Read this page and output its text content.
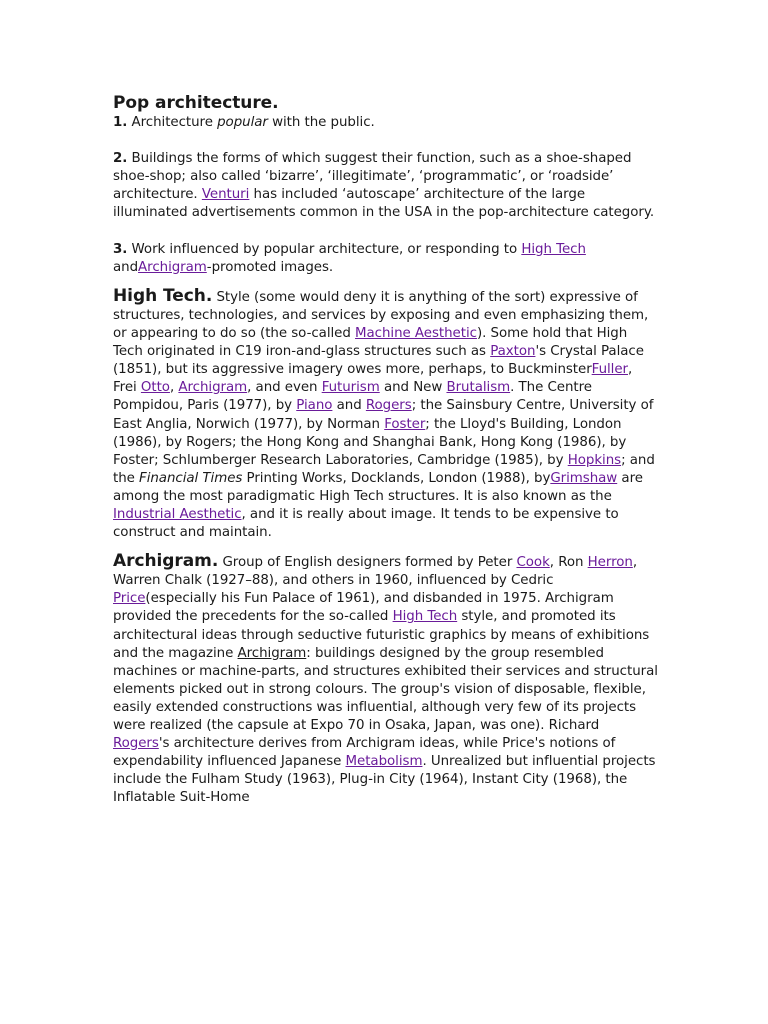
Pop architecture.

1. Architecture popular with the public.

2. Buildings the forms of which suggest their function, such as a shoe-shaped shoe-shop; also called ‘bizarre’, ‘illegitimate’, ‘programmatic’, or ‘roadside’ architecture. Venturi has included ‘autoscape’ architecture of the large illuminated advertisements common in the USA in the pop-architecture category.

3. Work influenced by popular architecture, or responding to High Tech andArchigram-promoted images.

High Tech. Style (some would deny it is anything of the sort) expressive of structures, technologies, and services by exposing and even emphasizing them, or appearing to do so (the so-called Machine Aesthetic). Some hold that High Tech originated in C19 iron-and-glass structures such as Paxton's Crystal Palace (1851), but its aggressive imagery owes more, perhaps, to BuckminsterFuller, Frei Otto, Archigram, and even Futurism and New Brutalism. The Centre Pompidou, Paris (1977), by Piano and Rogers; the Sainsbury Centre, University of East Anglia, Norwich (1977), by Norman Foster; the Lloyd's Building, London (1986), by Rogers; the Hong Kong and Shanghai Bank, Hong Kong (1986), by Foster; Schlumberger Research Laboratories, Cambridge (1985), by Hopkins; and the Financial Times Printing Works, Docklands, London (1988), byGrimshaw are among the most paradigmatic High Tech structures. It is also known as the Industrial Aesthetic, and it is really about image. It tends to be expensive to construct and maintain.

Archigram. Group of English designers formed by Peter Cook, Ron Herron, Warren Chalk (1927–88), and others in 1960, influenced by Cedric Price(especially his Fun Palace of 1961), and disbanded in 1975. Archigram provided the precedents for the so-called High Tech style, and promoted its architectural ideas through seductive futuristic graphics by means of exhibitions and the magazine Archigram: buildings designed by the group resembled machines or machine-parts, and structures exhibited their services and structural elements picked out in strong colours. The group's vision of disposable, flexible, easily extended constructions was influential, although very few of its projects were realized (the capsule at Expo 70 in Osaka, Japan, was one). Richard Rogers's architecture derives from Archigram ideas, while Price's notions of expendability influenced Japanese Metabolism. Unrealized but influential projects include the Fulham Study (1963), Plug-in City (1964), Instant City (1968), the Inflatable Suit-Home
